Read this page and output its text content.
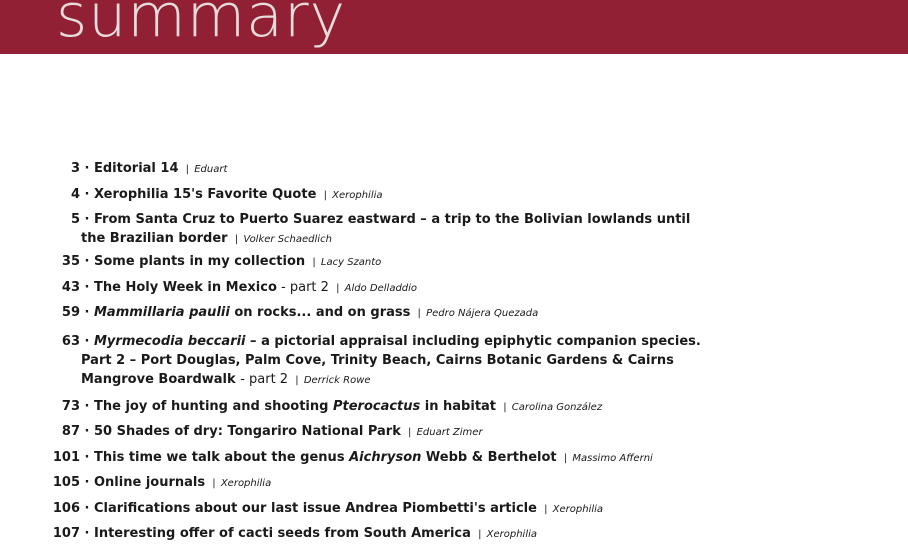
summary
3 · Editorial 14 | Eduart
4 · Xerophilia 15's Favorite Quote | Xerophilia
5 · From Santa Cruz to Puerto Suarez eastward – a trip to the Bolivian lowlands until
the Brazilian border | Volker Schaedlich
35 · Some plants in my collection | Lacy Szanto
43 · The Holy Week in Mexico - part 2 | Aldo Delladdio
59 · Mammillaria paulii on rocks... and on grass | Pedro Nájera Quezada
63 · Myrmecodia beccarii – a pictorial appraisal including epiphytic companion species.
Part 2 – Port Douglas, Palm Cove, Trinity Beach, Cairns Botanic Gardens & Cairns
Mangrove Boardwalk - part 2 | Derrick Rowe
73 · The joy of hunting and shooting Pterocactus in habitat | Carolina González
87 · 50 Shades of dry: Tongariro National Park | Eduart Zimer
101 · This time we talk about the genus Aichryson Webb & Berthelot | Massimo Afferni
105 · Online journals | Xerophilia
106 · Clarifications about our last issue Andrea Piombetti's article | Xerophilia
107 · Interesting offer of cacti seeds from South America | Xerophilia
